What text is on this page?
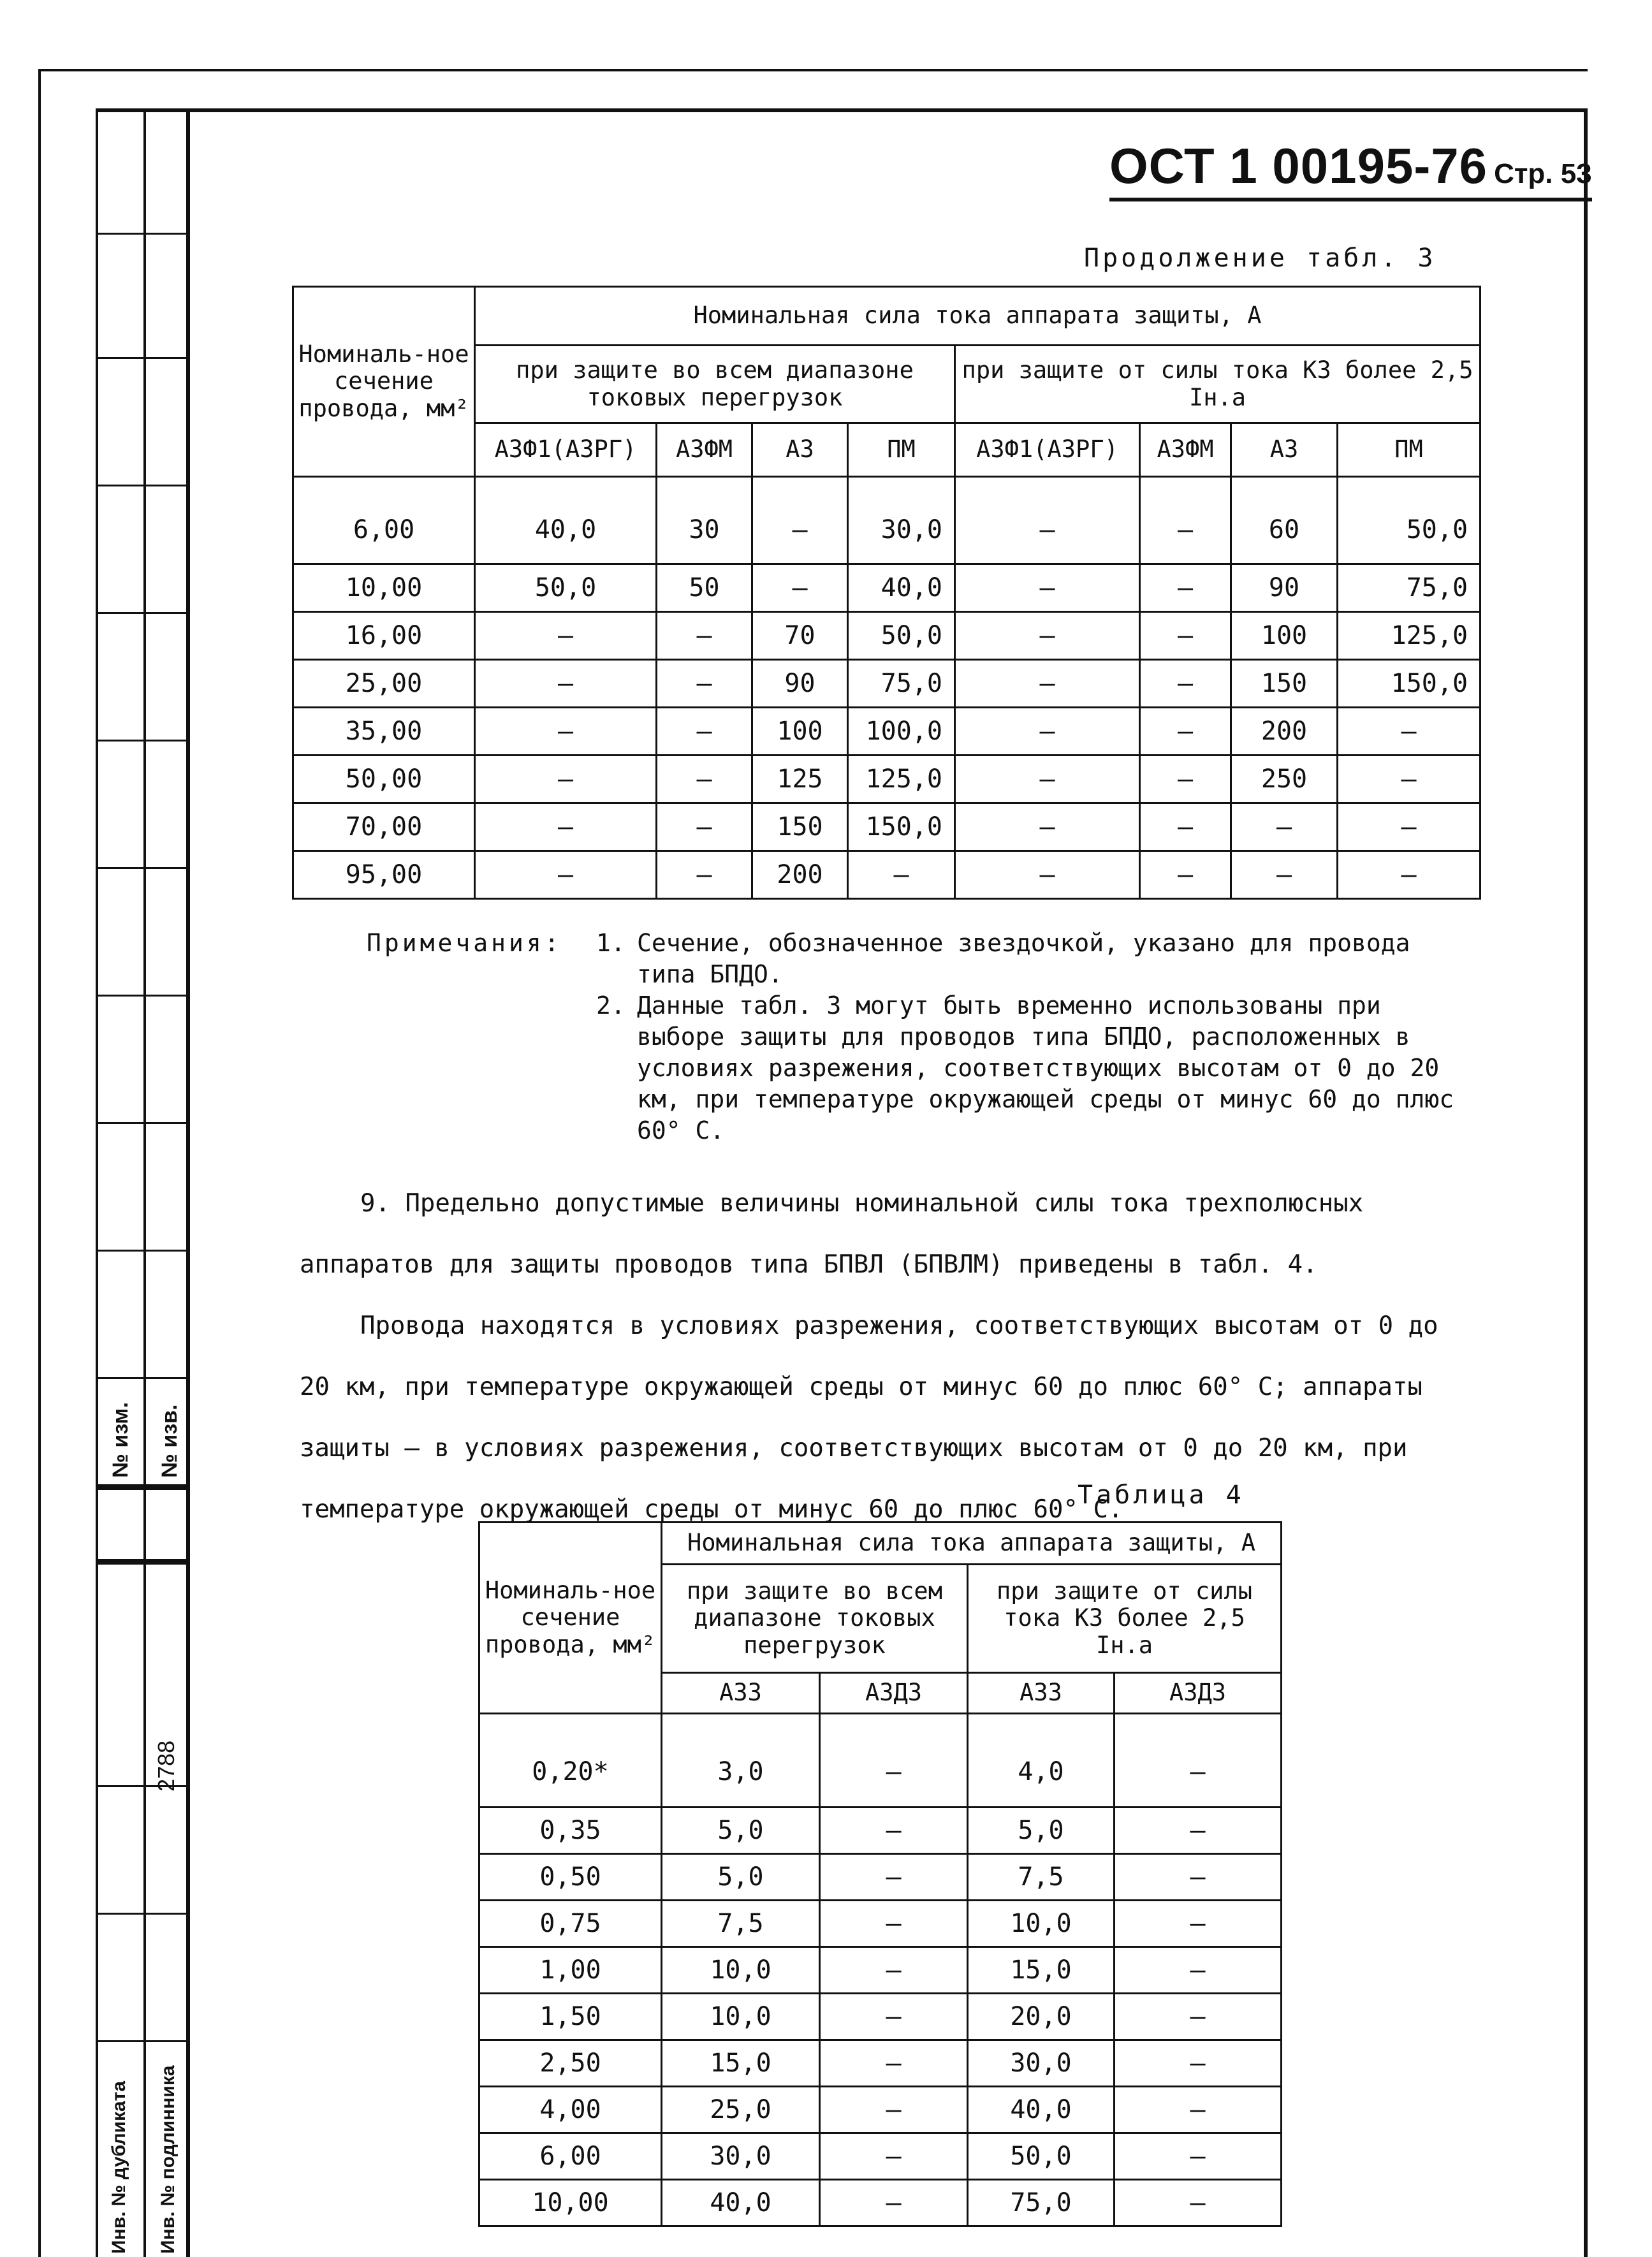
№ изм. № изв.
2788
Инв. № дубликата Инв. № подлинника
ОСТ 1 00195-76 Стр. 53
Продолжение табл. 3
Номиналь-ное сечение провода, мм²	Номинальная сила тока аппарата защиты, А							
	при защите во всем диапазоне токовых перегрузок				при защите от силы тока КЗ более 2,5 Iн.а			
	АЗФ1(АЗРГ)	АЗФМ	АЗ	ПМ	АЗФ1(АЗРГ)	АЗФМ	АЗ	ПМ
6,00	40,0	30	–	30,0	–	–	60	50,0
10,00	50,0	50	–	40,0	–	–	90	75,0
16,00	–	–	70	50,0	–	–	100	125,0
25,00	–	–	90	75,0	–	–	150	150,0
35,00	–	–	100	100,0	–	–	200	–
50,00	–	–	125	125,0	–	–	250	–
70,00	–	–	150	150,0	–	–	–	–
95,00	–	–	200	–	–	–	–	–
Примечания: 1. Сечение, обозначенное звездочкой, указано для провода типа БПДО.
2. Данные табл. 3 могут быть временно использованы при выборе защиты для проводов типа БПДО, расположенных в условиях разрежения, соответствующих высотам от 0 до 20 км, при температуре окружающей среды от минус 60 до плюс 60° С.

9. Предельно допустимые величины номинальной силы тока трехполюсных аппаратов для защиты проводов типа БПВЛ (БПВЛМ) приведены в табл. 4.

Провода находятся в условиях разрежения, соответствующих высотам от 0 до 20 км, при температуре окружающей среды от минус 60 до плюс 60° С; аппараты защиты – в условиях разрежения, соответствующих высотам от 0 до 20 км, при температуре окружающей среды от минус 60 до плюс 60° С.

Таблица 4
Номиналь-ное сечение провода, мм²	Номинальная сила тока аппарата защиты, А			
	при защите во всем диапазоне токовых перегрузок		при защите от силы тока КЗ более 2,5 Iн.а	
	АЗЗ	АЗДЗ	АЗЗ	АЗДЗ
0,20*	3,0	–	4,0	–
0,35	5,0	–	5,0	–
0,50	5,0	–	7,5	–
0,75	7,5	–	10,0	–
1,00	10,0	–	15,0	–
1,50	10,0	–	20,0	–
2,50	15,0	–	30,0	–
4,00	25,0	–	40,0	–
6,00	30,0	–	50,0	–
10,00	40,0	–	75,0	–
